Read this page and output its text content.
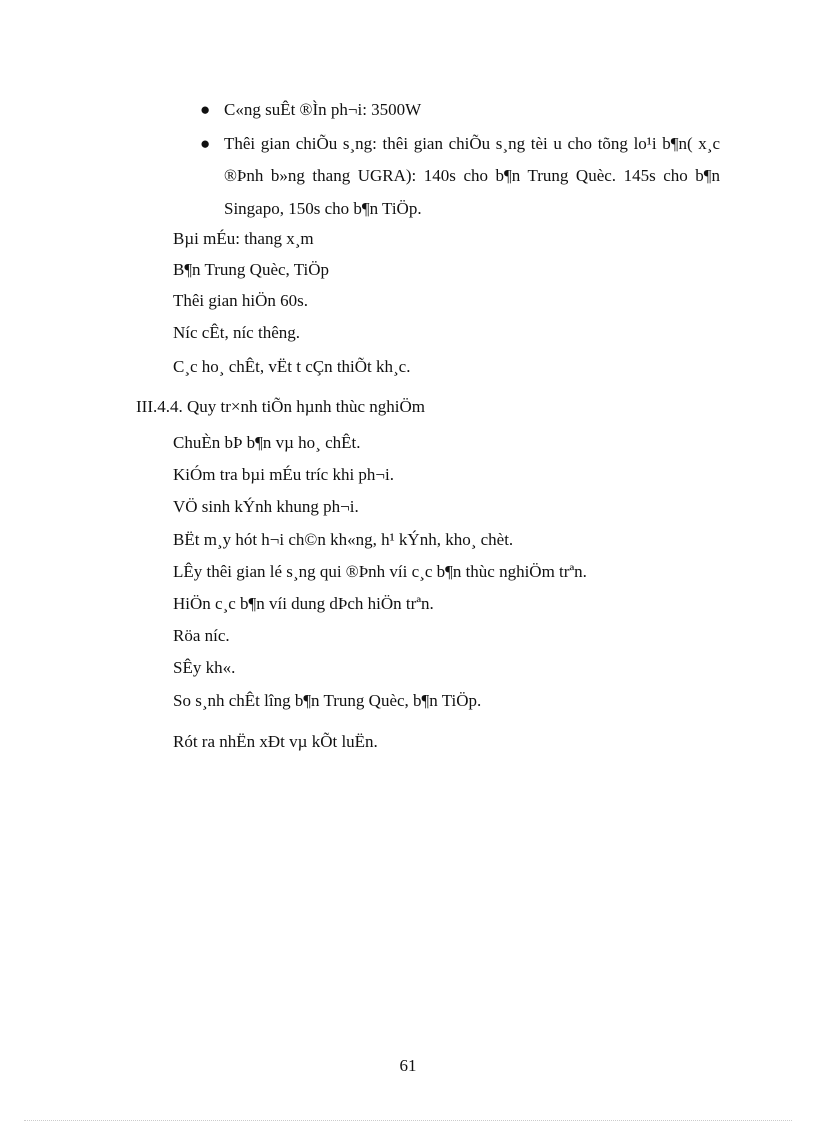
● C«ng suÊt ®Ìn ph¬i: 3500W
● Thêi gian chiÕu s¸ng: thêi gian chiÕu s¸ng tèi u cho tõng lo¹i b¶n( x¸c ®Þnh b»ng thang UGRA): 140s cho b¶n Trung Quèc. 145s cho b¶n Singapo, 150s cho b¶n TiÖp.
Bµi mÉu: thang x¸m
B¶n Trung Quèc, TiÖp
Thêi gian hiÖn 60s.
Níc cÊt, níc thêng.
C¸c ho¸ chÊt, vËt t cÇn thiÕt kh¸c.
III.4.4. Quy tr×nh tiÕn hµnh thùc nghiÖm
ChuÈn bÞ b¶n vµ ho¸ chÊt.
KiÓm tra bµi mÉu tríc khi ph¬i.
VÖ sinh kÝnh khung ph¬i.
BËt m¸y hót h¬i ch©n kh«ng, h¹ kÝnh, kho¸ chèt.
LÊy thêi gian lé s¸ng qui ®Þnh víi c¸c b¶n thùc nghiÖm trªn.
HiÖn c¸c b¶n víi dung dÞch hiÖn trªn.
Röa níc.
SÊy kh«.
So s¸nh chÊt lîng b¶n Trung Quèc, b¶n TiÖp.
Rót ra nhËn xÐt vµ kÕt luËn.
61
